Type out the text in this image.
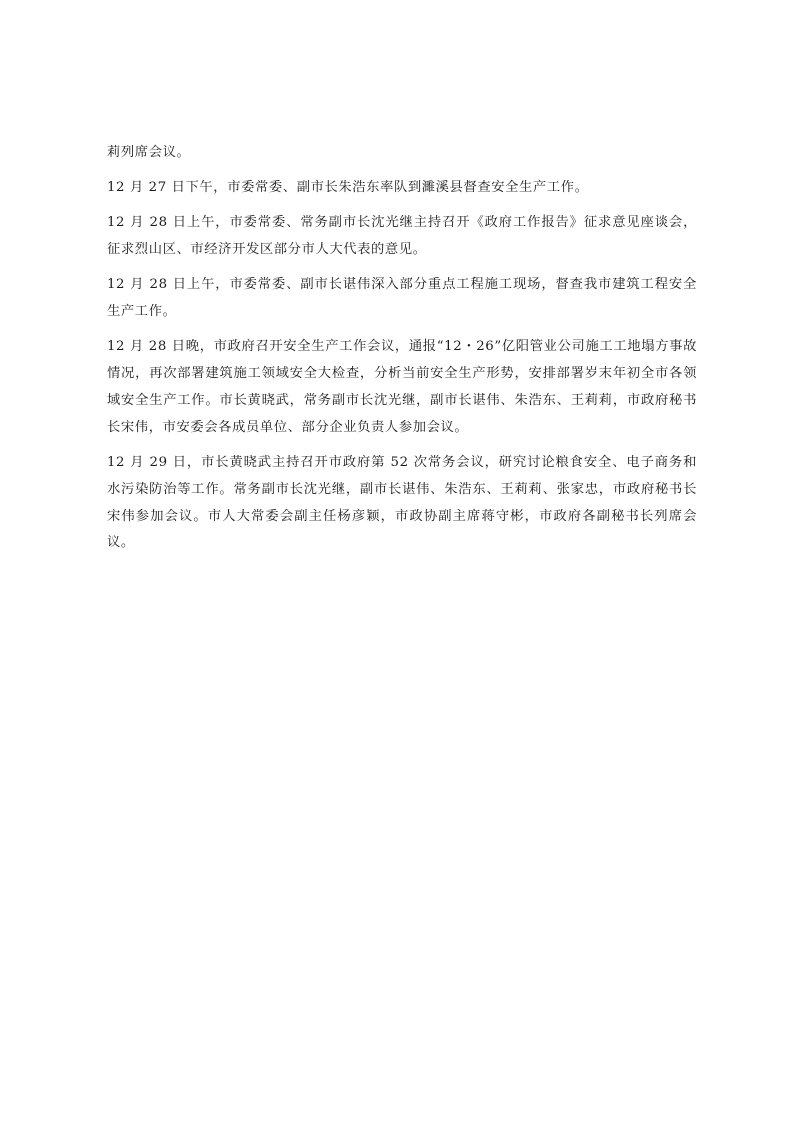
莉列席会议。

12 月 27 日下午，市委常委、副市长朱浩东率队到濉溪县督查安全生产工作。

12 月 28 日上午，市委常委、常务副市长沈光继主持召开《政府工作报告》征求意见座谈会，征求烈山区、市经济开发区部分市人大代表的意见。

12 月 28 日上午，市委常委、副市长谌伟深入部分重点工程施工现场，督查我市建筑工程安全生产工作。

12 月 28 日晚，市政府召开安全生产工作会议，通报“12・26”亿阳管业公司施工工地塌方事故情况，再次部署建筑施工领域安全大检查，分析当前安全生产形势，安排部署岁末年初全市各领域安全生产工作。市长黄晓武，常务副市长沈光继，副市长谌伟、朱浩东、王莉莉，市政府秘书长宋伟，市安委会各成员单位、部分企业负责人参加会议。

12 月 29 日，市长黄晓武主持召开市政府第 52 次常务会议，研究讨论粮食安全、电子商务和水污染防治等工作。常务副市长沈光继，副市长谌伟、朱浩东、王莉莉、张家忠，市政府秘书长宋伟参加会议。市人大常委会副主任杨彦颖，市政协副主席蒋守彬，市政府各副秘书长列席会议。
